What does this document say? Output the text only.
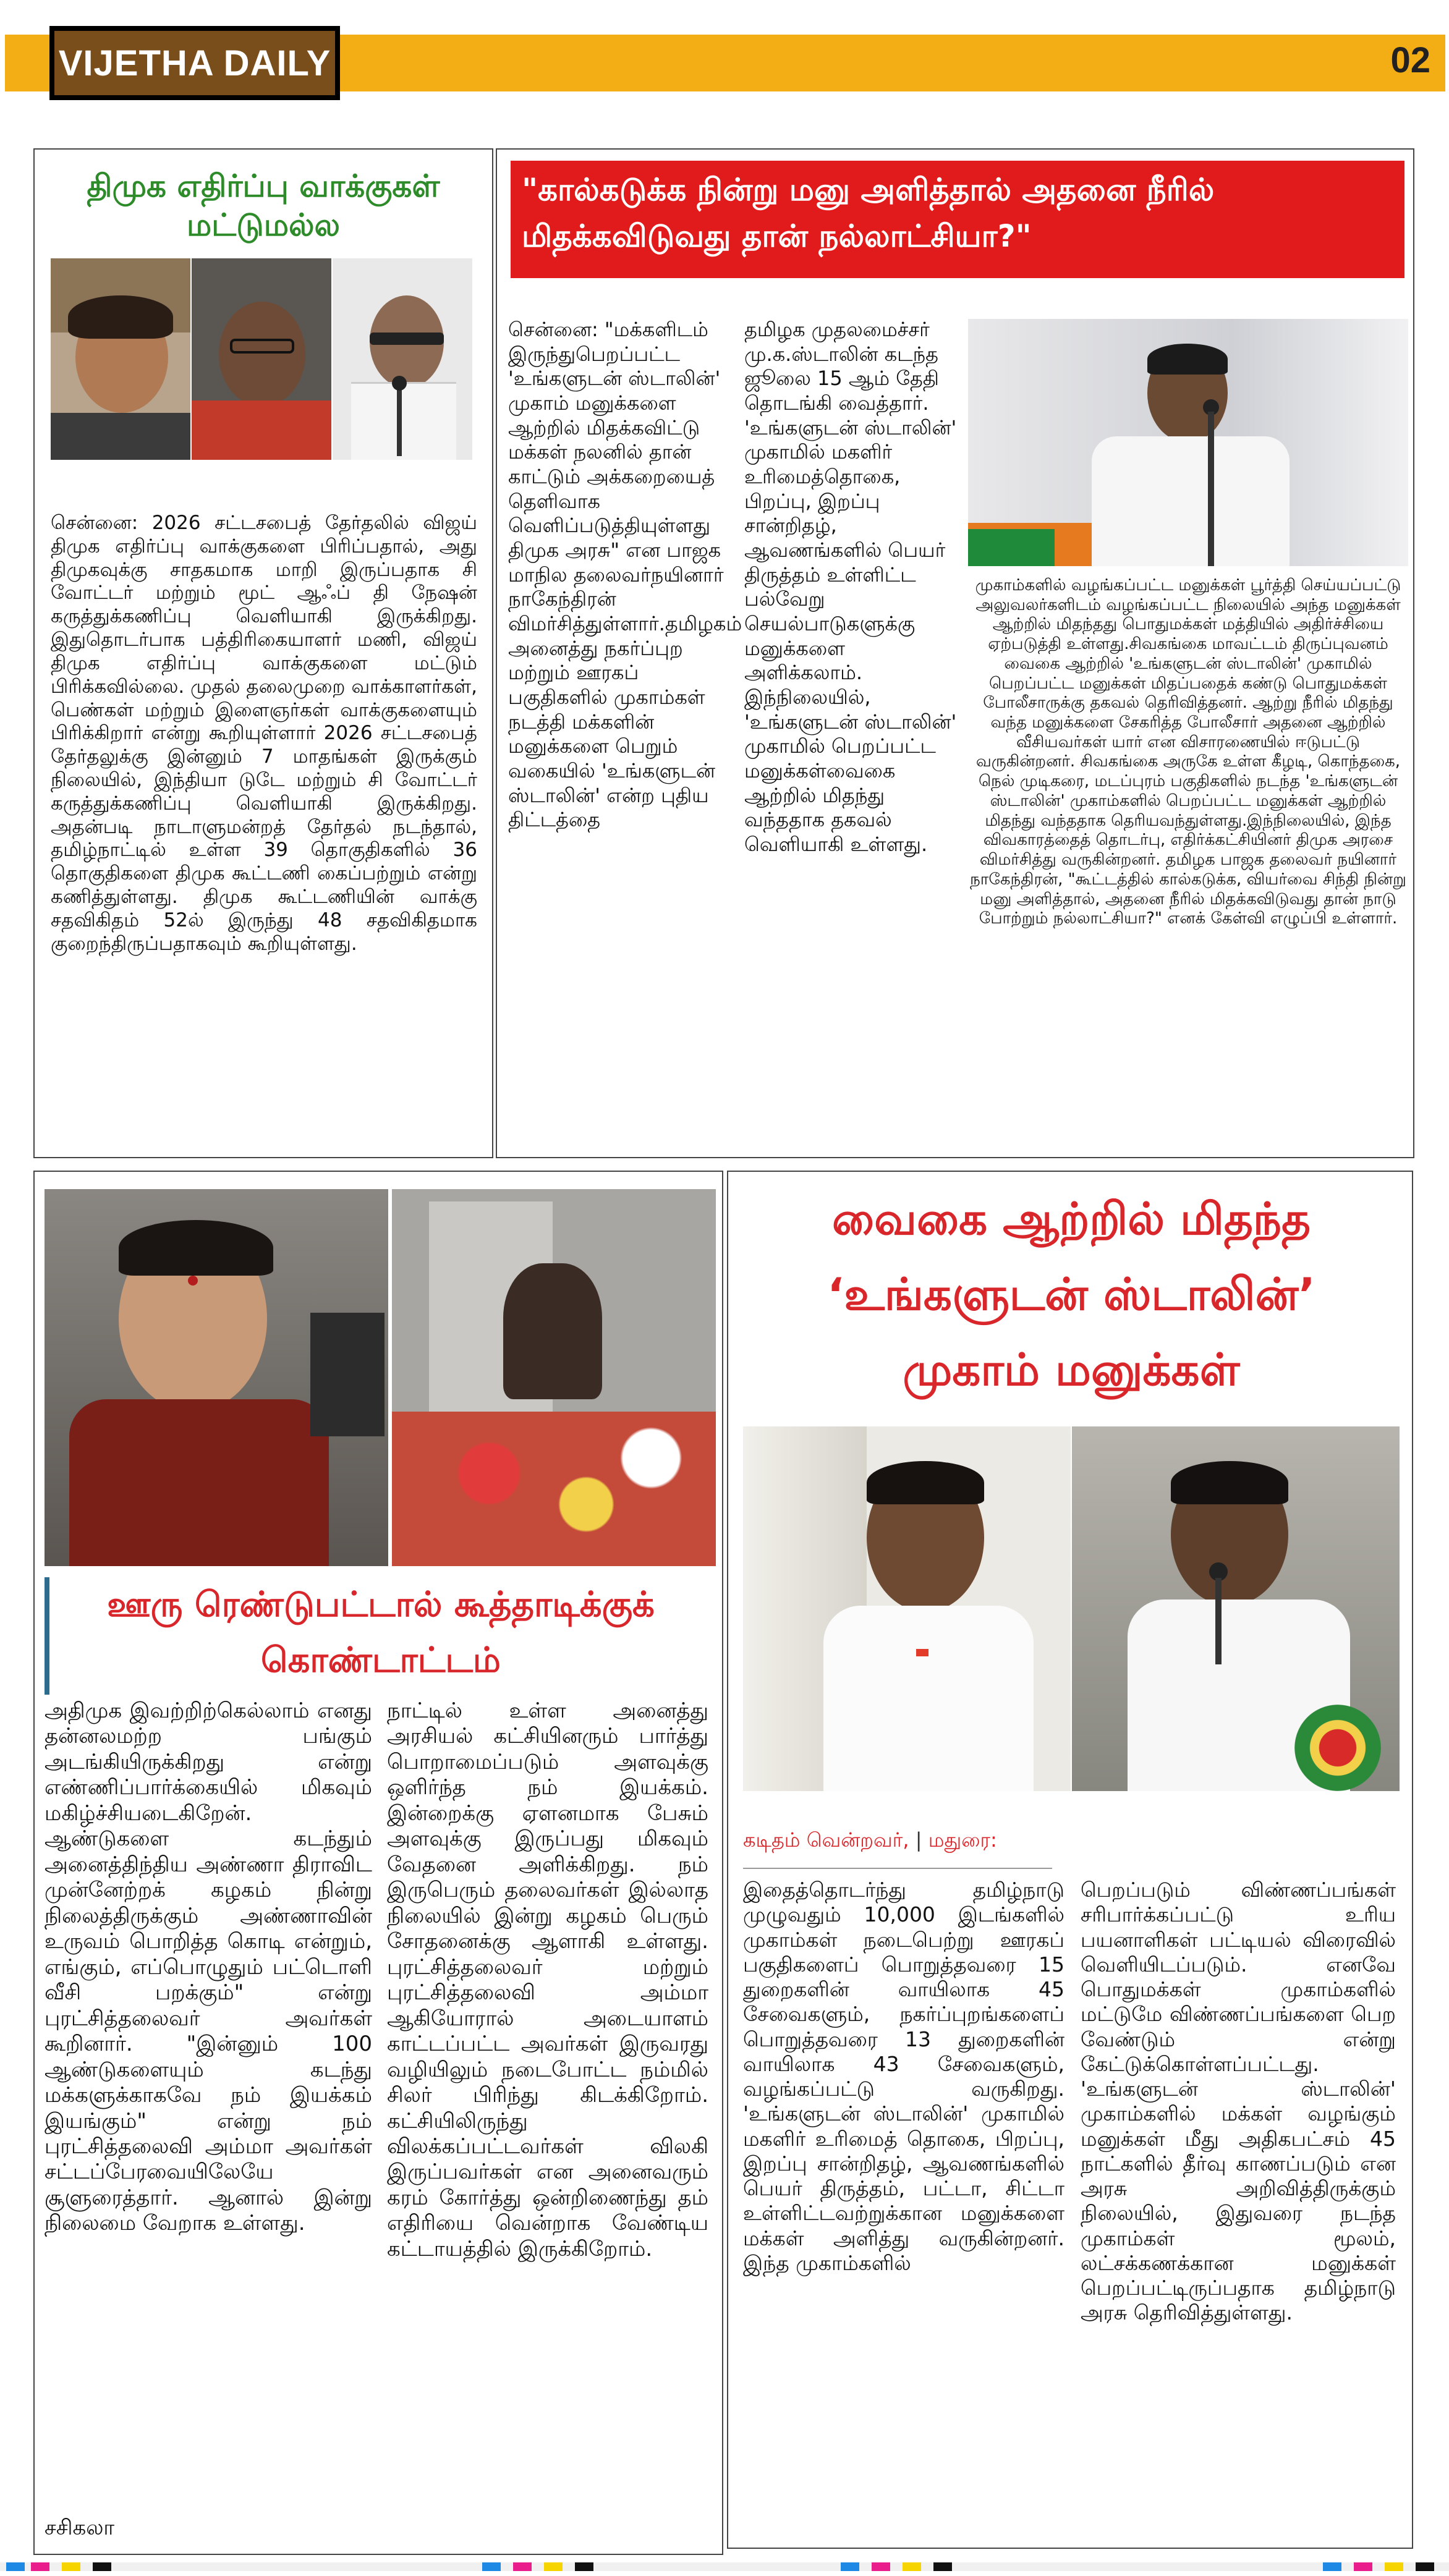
VIJETHA DAILY	02
திமுக எதிர்ப்பு வாக்குகள் மட்டுமல்ல
சென்னை: 2026 சட்டசபைத் தேர்தலில் விஜய் திமுக எதிர்ப்பு வாக்குகளை பிரிப்பதால், அது திமுகவுக்கு சாதகமாக மாறி இருப்பதாக சி வோட்டர் மற்றும் மூட் ஆஃப் தி நேஷன் கருத்துக்கணிப்பு வெளியாகி இருக்கிறது. இதுதொடர்பாக பத்திரிகையாளர் மணி, விஜய் திமுக எதிர்ப்பு வாக்குகளை மட்டும் பிரிக்கவில்லை. முதல் தலைமுறை வாக்காளர்கள், பெண்கள் மற்றும் இளைஞர்கள் வாக்குகளையும் பிரிக்கிறார் என்று கூறியுள்ளார் 2026 சட்டசபைத் தேர்தலுக்கு இன்னும் 7 மாதங்கள் இருக்கும் நிலையில், இந்தியா டுடே மற்றும் சி வோட்டர் கருத்துக்கணிப்பு வெளியாகி இருக்கிறது. அதன்படி நாடாளுமன்றத் தேர்தல் நடந்தால், தமிழ்நாட்டில் உள்ள 39 தொகுதிகளில் 36 தொகுதிகளை திமுக கூட்டணி கைப்பற்றும் என்று கணித்துள்ளது. திமுக கூட்டணியின் வாக்கு சதவிகிதம் 52ல் இருந்து 48 சதவிகிதமாக குறைந்திருப்பதாகவும் கூறியுள்ளது.
"கால்கடுக்க நின்று மனு அளித்தால் அதனை நீரில் மிதக்கவிடுவது தான் நல்லாட்சியா?"
சென்னை: "மக்களிடம் இருந்துபெறப்பட்ட 'உங்களுடன் ஸ்டாலின்' முகாம் மனுக்களை ஆற்றில் மிதக்கவிட்டு மக்கள் நலனில் தான் காட்டும் அக்கறையைத் தெளிவாக வெளிப்படுத்தியுள்ளது திமுக அரசு" என பாஜக மாநில தலைவர்நயினார் நாகேந்திரன் விமர்சித்துள்ளார்.தமிழகம் அனைத்து நகர்ப்புற மற்றும் ஊரகப் பகுதிகளில் முகாம்கள் நடத்தி மக்களின் மனுக்களை பெறும் வகையில் 'உங்களுடன் ஸ்டாலின்' என்ற புதிய திட்டத்தை
தமிழக முதலமைச்சர் மு.க.ஸ்டாலின் கடந்த ஜூலை 15 ஆம் தேதி தொடங்கி வைத்தார். 'உங்களுடன் ஸ்டாலின்' முகாமில் மகளிர் உரிமைத்தொகை, பிறப்பு, இறப்பு சான்றிதழ், ஆவணங்களில் பெயர் திருத்தம் உள்ளிட்ட பல்வேறு செயல்பாடுகளுக்கு மனுக்களை அளிக்கலாம். இந்நிலையில், 'உங்களுடன் ஸ்டாலின்' முகாமில் பெறப்பட்ட மனுக்கள்வைகை ஆற்றில் மிதந்து வந்ததாக தகவல் வெளியாகி உள்ளது.
முகாம்களில் வழங்கப்பட்ட மனுக்கள் பூர்த்தி செய்யப்பட்டு அலுவலர்களிடம் வழங்கப்பட்ட நிலையில் அந்த மனுக்கள் ஆற்றில் மிதந்தது பொதுமக்கள் மத்தியில் அதிர்ச்சியை ஏற்படுத்தி உள்ளது.சிவகங்கை மாவட்டம் திருப்புவனம் வைகை ஆற்றில் 'உங்களுடன் ஸ்டாலின்' முகாமில் பெறப்பட்ட மனுக்கள் மிதப்பதைக் கண்டு பொதுமக்கள் போலீசாருக்கு தகவல் தெரிவித்தனர். ஆற்று நீரில் மிதந்து வந்த மனுக்களை சேகரித்த போலீசார் அதனை ஆற்றில் வீசியவர்கள் யார் என விசாரணையில் ஈடுபட்டு வருகின்றனர். சிவகங்கை அருகே உள்ள கீழடி, கொந்தகை, நெல் முடிகரை, மடப்புரம் பகுதிகளில் நடந்த 'உங்களுடன் ஸ்டாலின்' முகாம்களில் பெறப்பட்ட மனுக்கள் ஆற்றில் மிதந்து வந்ததாக தெரியவந்துள்ளது.இந்நிலையில், இந்த விவகாரத்தைத் தொடர்பு, எதிர்க்கட்சியினர் திமுக அரசை விமர்சித்து வருகின்றனர். தமிழக பாஜக தலைவர் நயினார் நாகேந்திரன், "கூட்டத்தில் கால்கடுக்க, வியர்வை சிந்தி நின்று மனு அளித்தால், அதனை நீரில் மிதக்கவிடுவது தான் நாடு போற்றும் நல்லாட்சியா?" எனக் கேள்வி எழுப்பி உள்ளார்.
ஊரு ரெண்டுபட்டால் கூத்தாடிக்குக் கொண்டாட்டம்
அதிமுக இவற்றிற்கெல்லாம் எனது தன்னலமற்ற பங்கும் அடங்கியிருக்கிறது என்று எண்ணிப்பார்க்கையில் மிகவும் மகிழ்ச்சியடைகிறேன். ஆண்டுகளை கடந்தும் அனைத்திந்திய அண்ணா திராவிட முன்னேற்றக் கழகம் நின்று நிலைத்திருக்கும் அண்ணாவின் உருவம் பொறித்த கொடி என்றும், எங்கும், எப்பொழுதும் பட்டொளி வீசி பறக்கும்" என்று புரட்சித்தலைவர் அவர்கள் கூறினார். "இன்னும் 100 ஆண்டுகளையும் கடந்து மக்களுக்காகவே நம் இயக்கம் இயங்கும்" என்று நம் புரட்சித்தலைவி அம்மா அவர்கள் சட்டப்பேரவையிலேயே சூளுரைத்தார். ஆனால் இன்று நிலைமை வேறாக உள்ளது.
நாட்டில் உள்ள அனைத்து அரசியல் கட்சியினரும் பார்த்து பொறாமைப்படும் அளவுக்கு ஒளிர்ந்த நம் இயக்கம். இன்றைக்கு ஏளனமாக பேசும் அளவுக்கு இருப்பது மிகவும் வேதனை அளிக்கிறது. நம் இருபெரும் தலைவர்கள் இல்லாத நிலையில் இன்று கழகம் பெரும் சோதனைக்கு ஆளாகி உள்ளது. புரட்சித்தலைவர் மற்றும் புரட்சித்தலைவி அம்மா ஆகியோரால் அடையாளம் காட்டப்பட்ட அவர்கள் இருவரது வழியிலும் நடைபோட்ட நம்மில் சிலர் பிரிந்து கிடக்கிறோம். கட்சியிலிருந்து விலக்கப்பட்டவர்கள் விலகி இருப்பவர்கள் என அனைவரும் கரம் கோர்த்து ஒன்றிணைந்து தம் எதிரியை வென்றாக வேண்டிய கட்டாயத்தில் இருக்கிறோம்.
சசிகலா
வைகை ஆற்றில் மிதந்த
‘உங்களுடன் ஸ்டாலின்’
முகாம் மனுக்கள்
கடிதம் வென்றவர், | மதுரை:
இதைத்தொடர்ந்து தமிழ்நாடு முழுவதும் 10,000 இடங்களில் முகாம்கள் நடைபெற்று ஊரகப் பகுதிகளைப் பொறுத்தவரை 15 துறைகளின் வாயிலாக 45 சேவைகளும், நகர்ப்புறங்களைப் பொறுத்தவரை 13 துறைகளின் வாயிலாக 43 சேவைகளும், வழங்கப்பட்டு வருகிறது. 'உங்களுடன் ஸ்டாலின்' முகாமில் மகளிர் உரிமைத் தொகை, பிறப்பு, இறப்பு சான்றிதழ், ஆவணங்களில் பெயர் திருத்தம், பட்டா, சிட்டா உள்ளிட்டவற்றுக்கான மனுக்களை மக்கள் அளித்து வருகின்றனர். இந்த முகாம்களில்
பெறப்படும் விண்ணப்பங்கள் சரிபார்க்கப்பட்டு உரிய பயனாளிகள் பட்டியல் விரைவில் வெளியிடப்படும். எனவே பொதுமக்கள் முகாம்களில் மட்டுமே விண்ணப்பங்களை பெற வேண்டும் என்று கேட்டுக்கொள்ளப்பட்டது. 'உங்களுடன் ஸ்டாலின்' முகாம்களில் மக்கள் வழங்கும் மனுக்கள் மீது அதிகபட்சம் 45 நாட்களில் தீர்வு காணப்படும் என அரசு அறிவித்திருக்கும் நிலையில், இதுவரை நடந்த முகாம்கள் மூலம், லட்சக்கணக்கான மனுக்கள் பெறப்பட்டிருப்பதாக தமிழ்நாடு அரசு தெரிவித்துள்ளது.
